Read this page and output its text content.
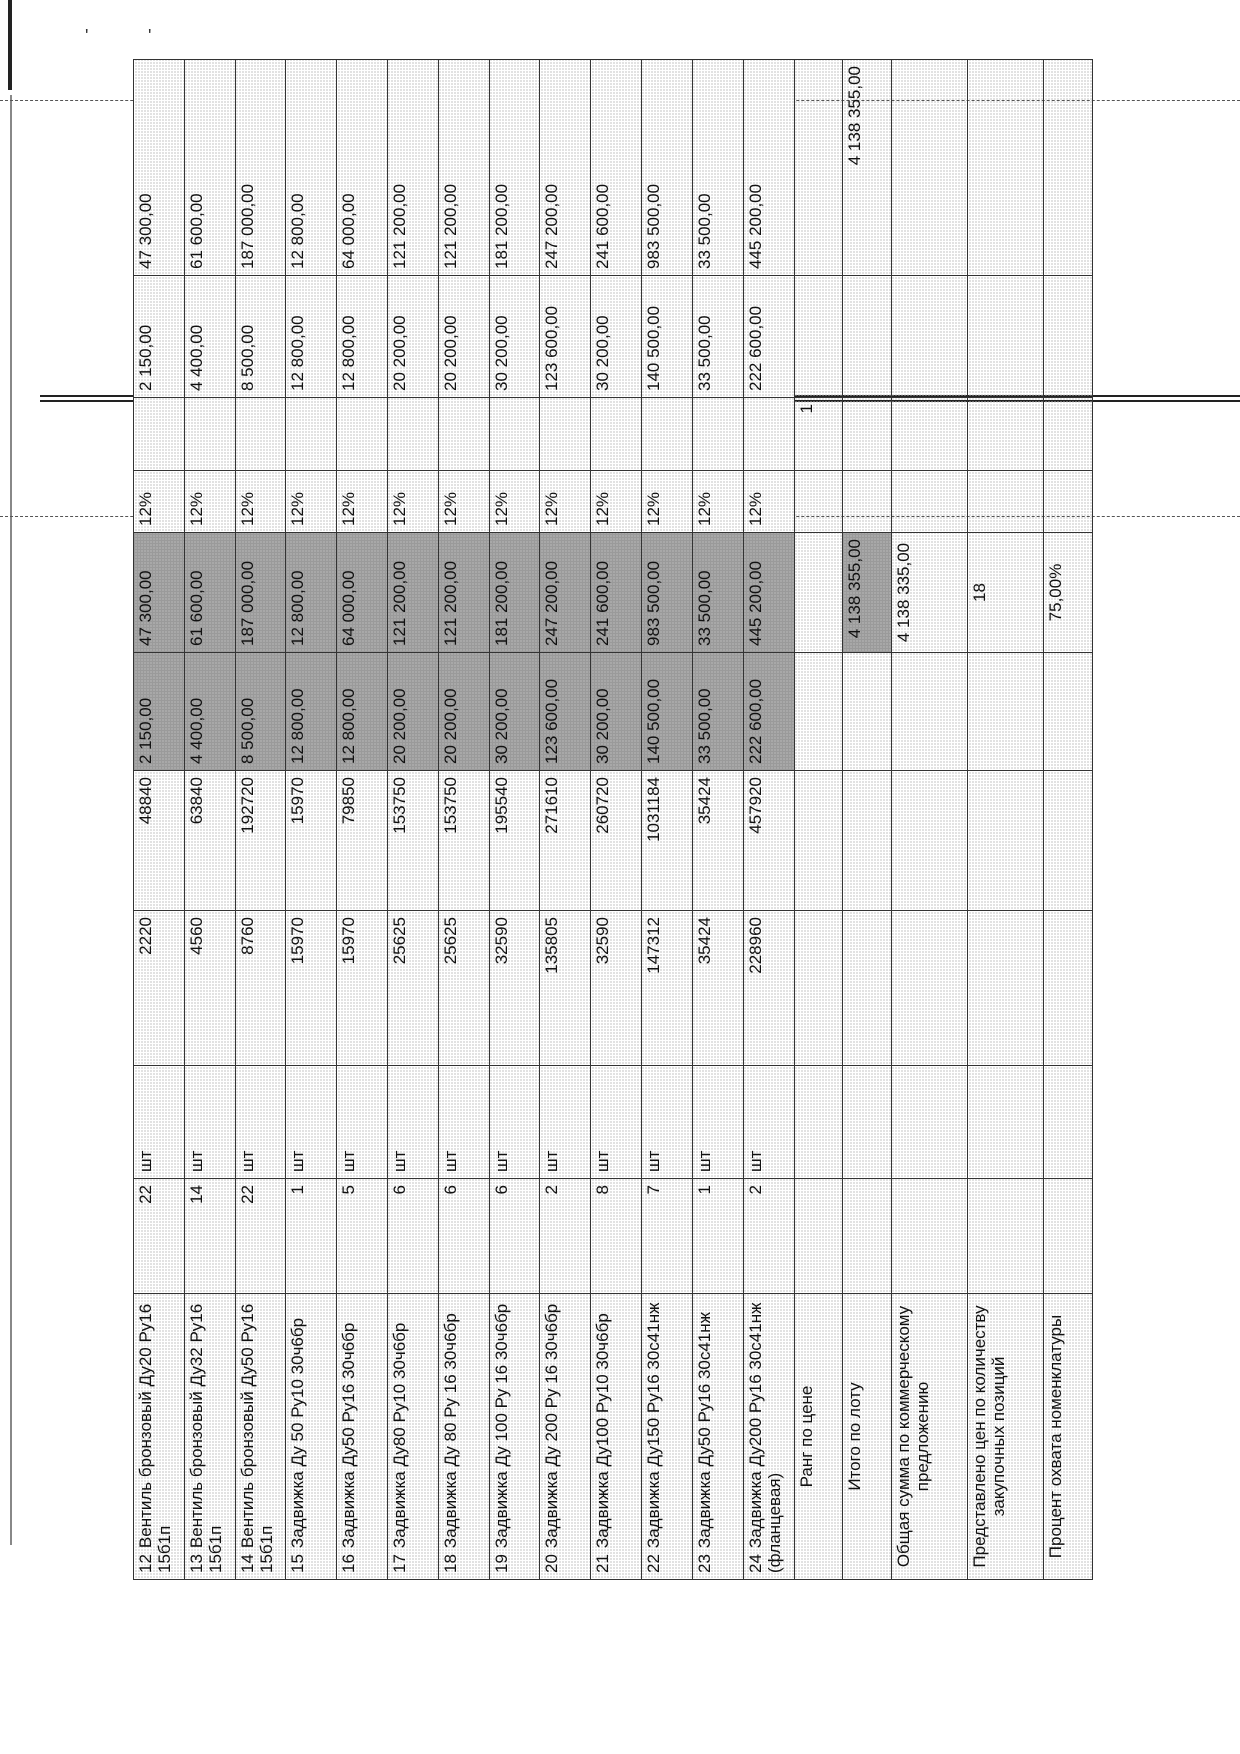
'	'
12Вентиль бронзовый Ду20 Ру16 15б1п	22	шт	2220	48840	2 150,00	47 300,00	12%		2 150,00	47 300,00
13Вентиль бронзовый Ду32 Ру16 15б1п	14	шт	4560	63840	4 400,00	61 600,00	12%		4 400,00	61 600,00
14Вентиль бронзовый Ду50 Ру16 15б1п	22	шт	8760	192720	8 500,00	187 000,00	12%		8 500,00	187 000,00
15Задвижка Ду 50 Ру10 30ч6бр	1	шт	15970	15970	12 800,00	12 800,00	12%		12 800,00	12 800,00
16Задвижка Ду50 Ру16 30ч6бр	5	шт	15970	79850	12 800,00	64 000,00	12%		12 800,00	64 000,00
17Задвижка Ду80 Ру10 30ч6бр	6	шт	25625	153750	20 200,00	121 200,00	12%		20 200,00	121 200,00
18Задвижка Ду 80 Ру 16 30ч6бр	6	шт	25625	153750	20 200,00	121 200,00	12%		20 200,00	121 200,00
19Задвижка Ду 100 Ру 16 30ч6бр	6	шт	32590	195540	30 200,00	181 200,00	12%		30 200,00	181 200,00
20Задвижка Ду 200 Ру 16 30ч6бр	2	шт	135805	271610	123 600,00	247 200,00	12%		123 600,00	247 200,00
21Задвижка Ду100 Ру10 30ч6бр	8	шт	32590	260720	30 200,00	241 600,00	12%		30 200,00	241 600,00
22Задвижка Ду150 Ру16 30с41нж	7	шт	147312	1031184	140 500,00	983 500,00	12%		140 500,00	983 500,00
23Задвижка Ду50 Ру16 30с41нж	1	шт	35424	35424	33 500,00	33 500,00	12%		33 500,00	33 500,00
24Задвижка Ду200 Ру16 30с41нж (фланцевая)	2	шт	228960	457920	222 600,00	445 200,00	12%		222 600,00	445 200,00
Ранг по цене								1		
Итого по лоту						4 138 355,00				4 138 355,00
Общая сумма по коммерческому предложению						4 138 335,00				
Представлено цен по количеству закупочных позиций						18				
Процент охвата номенклатуры						75,00%				
